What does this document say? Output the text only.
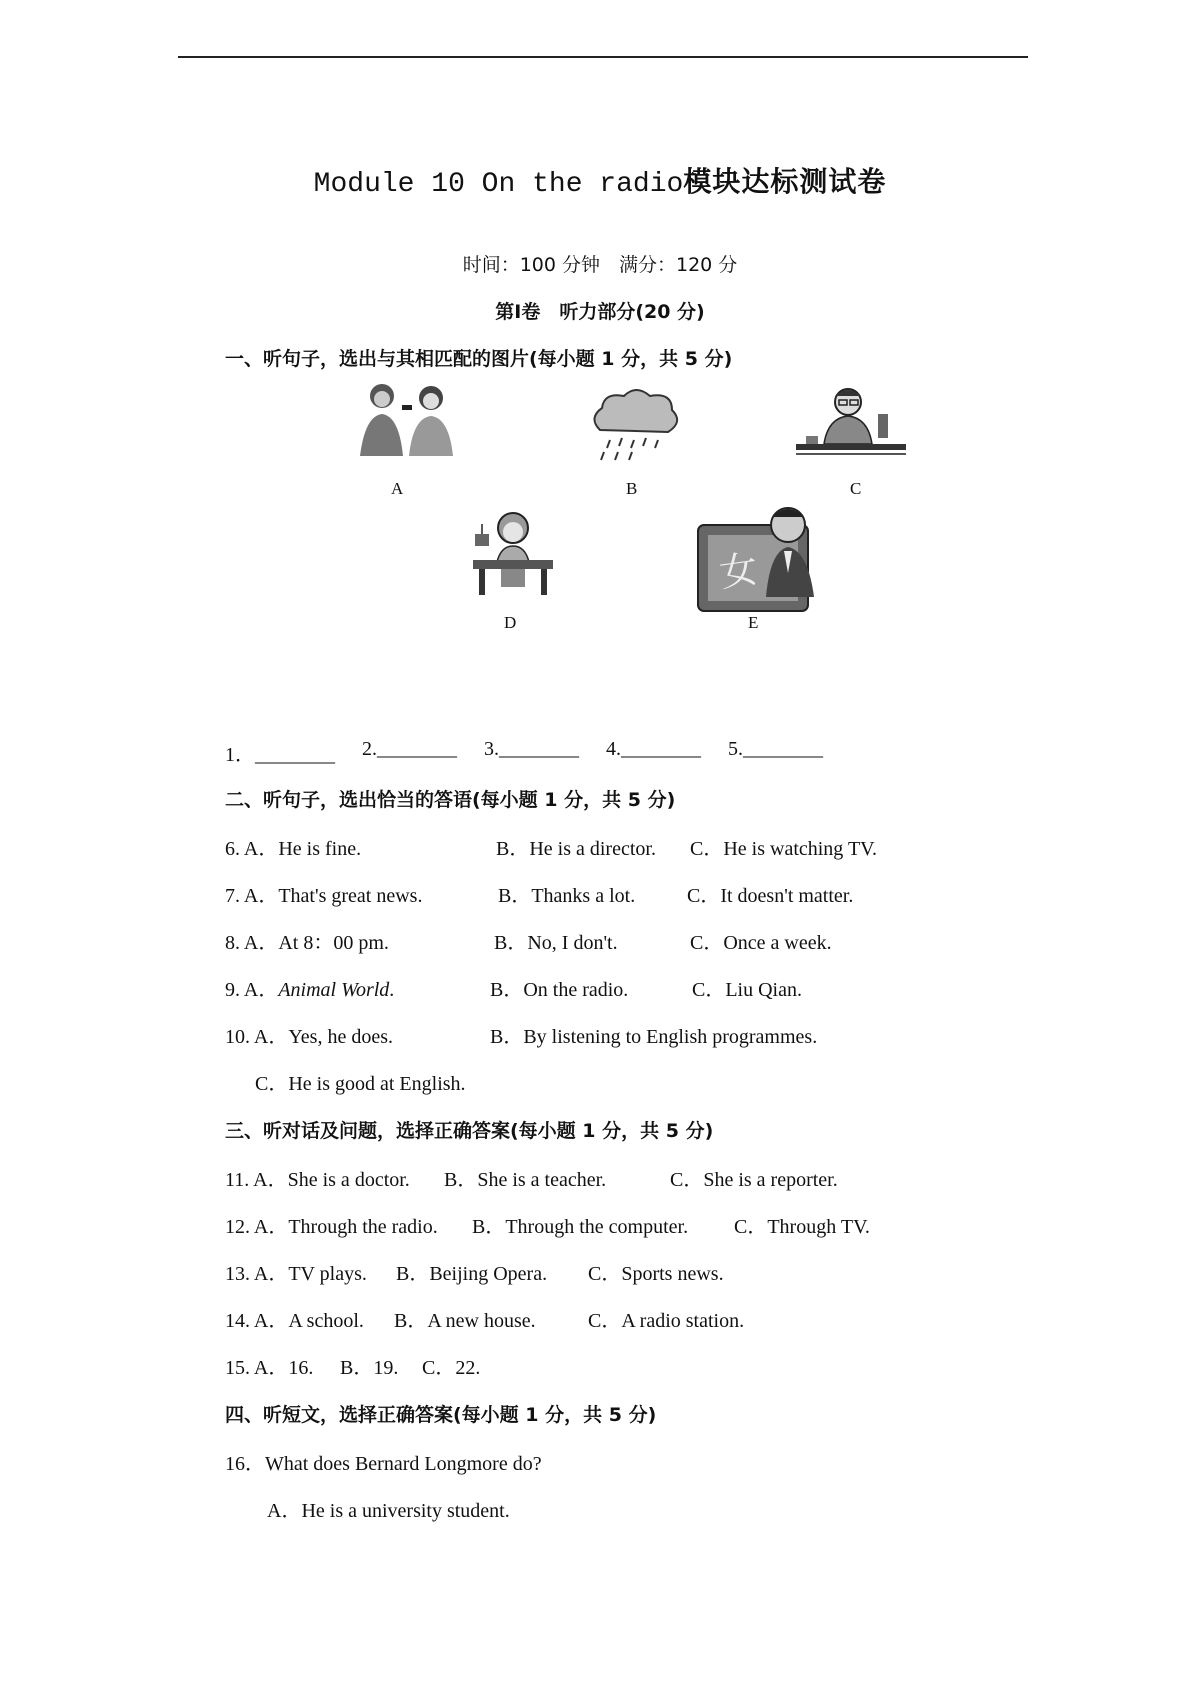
Module 10 On the radio模块达标测试卷
时间：100 分钟　满分：120 分
第Ⅰ卷　听力部分(20 分)
一、听句子，选出与其相匹配的图片(每小题 1 分，共 5 分)
A	B	C
D
女
E
1．________ 2.________ 3.________ 4.________ 5.________
二、听句子，选出恰当的答语(每小题 1 分，共 5 分)
6. A．He is fine.	B．He is a director. C．He is watching TV.
7. A．That's great news.	B．Thanks a lot.	C．It doesn't matter.
8. A．At 8：00 pm.	B．No, I don't.	C．Once a week.
9. A．Animal World.	B．On the radio.	C．Liu Qian.
10. A．Yes, he does.	B．By listening to English programmes.
C．He is good at English.
三、听对话及问题，选择正确答案(每小题 1 分，共 5 分)
11. A．She is a doctor. B．She is a teacher.	C．She is a reporter.
12. A．Through the radio. B．Through the computer. C．Through TV.
13. A．TV plays. B．Beijing Opera. C．Sports news.
14. A．A school. B．A new house.	C．A radio station.
15. A．16. B．19. C．22.
四、听短文，选择正确答案(每小题 1 分，共 5 分)
16．What does Bernard Longmore do?
A．He is a university student.
